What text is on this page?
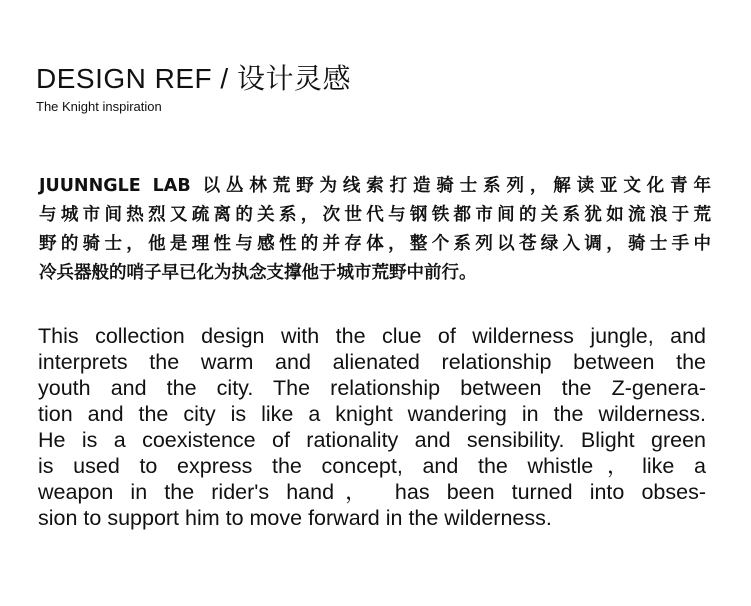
DESIGN REF / 设计灵感
The Knight inspiration
JUUNNGLE LAB 以丛林荒野为线索打造骑士系列，解读亚文化青年
与城市间热烈又疏离的关系，次世代与钢铁都市间的关系犹如流浪于荒
野的骑士，他是理性与感性的并存体，整个系列以苍绿入调，骑士手中
冷兵器般的哨子早已化为执念支撑他于城市荒野中前行。
This collection design with the clue of wilderness jungle, and
interprets the warm and alienated relationship between the
youth and the city. The relationship between the Z-genera-
tion and the city is like a knight wandering in the wilderness.
He is a coexistence of rationality and sensibility. Blight green
is used to express the concept, and the whistle，like a
weapon in the rider's hand， has been turned into obses-
sion to support him to move forward in the wilderness.
